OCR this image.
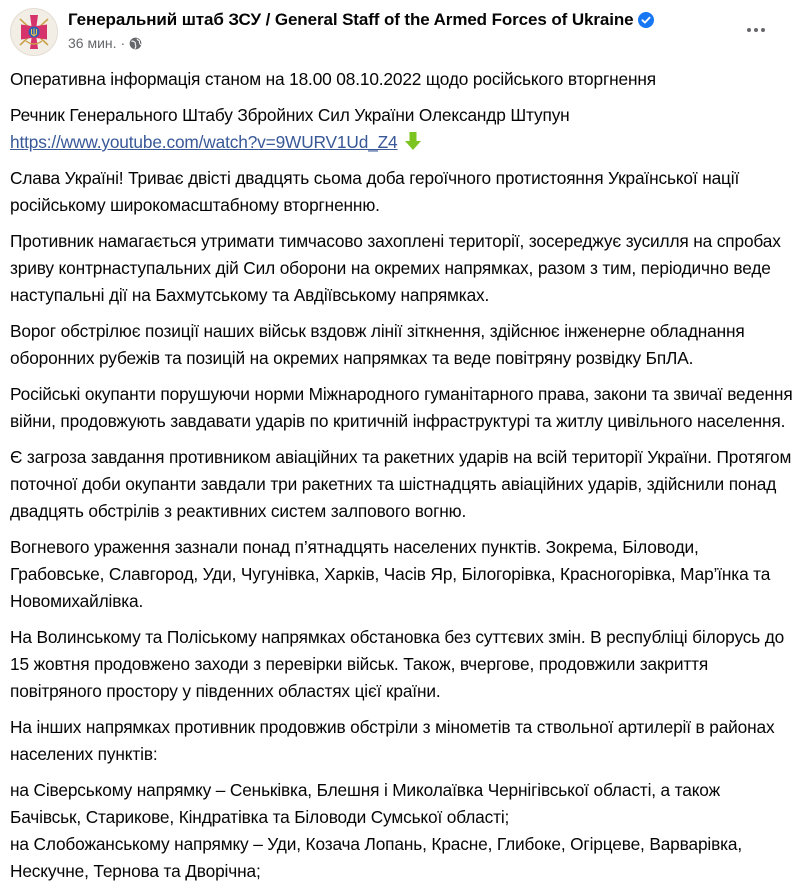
Генеральний штаб ЗСУ / General Staff of the Armed Forces of Ukraine
36 мин. ·

Оперативна інформація станом на 18.00 08.10.2022 щодо російського вторгнення

Речник Генерального Штабу Збройних Сил України Олександр Штупун
https://www.youtube.com/watch?v=9WURV1Ud_Z4

Слава Україні! Триває двісті двадцять сьома доба героїчного протистояння Української нації російському широкомасштабному вторгненню.

Противник намагається утримати тимчасово захоплені території, зосереджує зусилля на спробах зриву контрнаступальних дій Сил оборони на окремих напрямках, разом з тим, періодично веде наступальні дії на Бахмутському та Авдіївському напрямках.

Ворог обстрілює позиції наших військ вздовж лінії зіткнення, здійснює інженерне обладнання оборонних рубежів та позицій на окремих напрямках та веде повітряну розвідку БпЛА.

Російські окупанти порушуючи норми Міжнародного гуманітарного права, закони та звичаї ведення війни, продовжують завдавати ударів по критичній інфраструктурі та житлу цивільного населення.

Є загроза завдання противником авіаційних та ракетних ударів на всій території України. Протягом поточної доби окупанти завдали три ракетних та шістнадцять авіаційних ударів, здійснили понад двадцять обстрілів з реактивних систем залпового вогню.

Вогневого ураження зазнали понад п’ятнадцять населених пунктів. Зокрема, Біловоди, Грабовське, Славгород, Уди, Чугунівка, Харків, Часів Яр, Білогорівка, Красногорівка, Мар’їнка та Новомихайлівка.

На Волинському та Поліському напрямках обстановка без суттєвих змін. В республіці білорусь до 15 жовтня продовжено заходи з перевірки військ. Також, вчергове, продовжили закриття повітряного простору у південних областях цієї країни.

На інших напрямках противник продовжив обстріли з мінометів та ствольної артилерії в районах населених пунктів:

на Сіверському напрямку – Сеньківка, Блешня і Миколаївка Чернігівської області, а також Бачівськ, Старикове, Кіндратівка та Біловоди Сумської області;

на Слобожанському напрямку – Уди, Козача Лопань, Красне, Глибоке, Огірцеве, Варварівка, Нескучне, Тернова та Дворічна;
